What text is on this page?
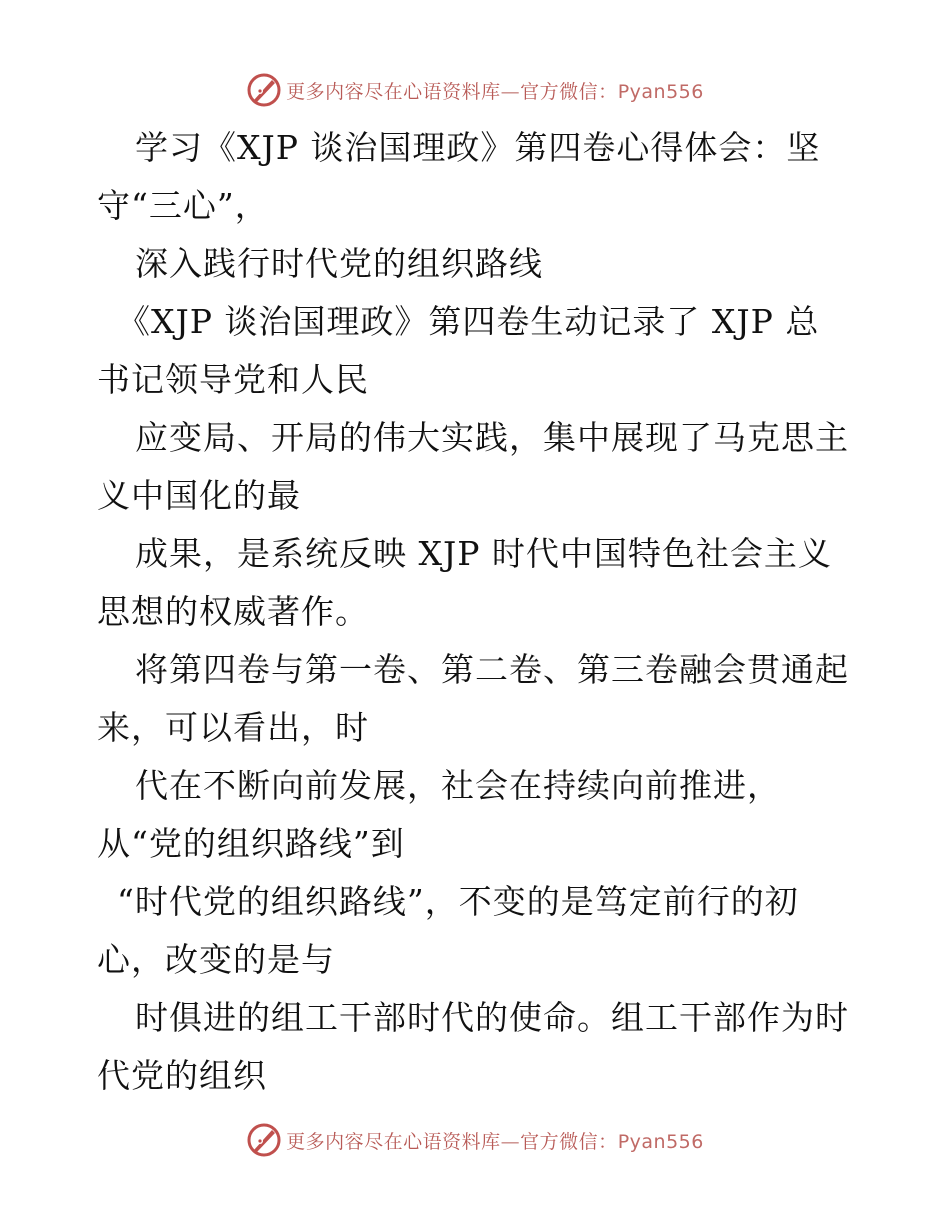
更多内容尽在心语资料库—官方微信：Pyan556
学习《XJP 谈治国理政》第四卷心得体会：坚
守“三心”，
深入践行时代党的组织路线
《XJP 谈治国理政》第四卷生动记录了 XJP 总
书记领导党和人民
应变局、开局的伟大实践，集中展现了马克思主
义中国化的最
成果，是系统反映 XJP 时代中国特色社会主义
思想的权威著作。
将第四卷与第一卷、第二卷、第三卷融会贯通起
来，可以看出，时
代在不断向前发展，社会在持续向前推进，
从“党的组织路线”到
“时代党的组织路线”，不变的是笃定前行的初
心，改变的是与
时俱进的组工干部时代的使命。组工干部作为时
代党的组织
更多内容尽在心语资料库—官方微信：Pyan556
